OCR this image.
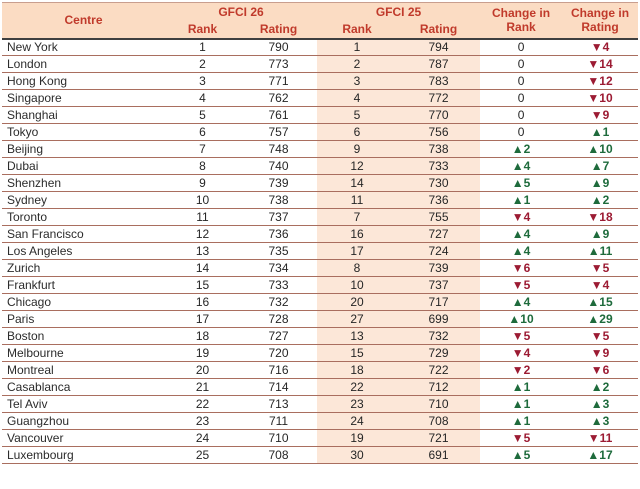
Centre	GFCI 26		GFCI 25		Change in Rank	Change in Rating
	Rank	Rating	Rank	Rating		
New York	1	790	1	794	0	▼4
London	2	773	2	787	0	▼14
Hong Kong	3	771	3	783	0	▼12
Singapore	4	762	4	772	0	▼10
Shanghai	5	761	5	770	0	▼9
Tokyo	6	757	6	756	0	▲1
Beijing	7	748	9	738	▲2	▲10
Dubai	8	740	12	733	▲4	▲7
Shenzhen	9	739	14	730	▲5	▲9
Sydney	10	738	11	736	▲1	▲2
Toronto	11	737	7	755	▼4	▼18
San Francisco	12	736	16	727	▲4	▲9
Los Angeles	13	735	17	724	▲4	▲11
Zurich	14	734	8	739	▼6	▼5
Frankfurt	15	733	10	737	▼5	▼4
Chicago	16	732	20	717	▲4	▲15
Paris	17	728	27	699	▲10	▲29
Boston	18	727	13	732	▼5	▼5
Melbourne	19	720	15	729	▼4	▼9
Montreal	20	716	18	722	▼2	▼6
Casablanca	21	714	22	712	▲1	▲2
Tel Aviv	22	713	23	710	▲1	▲3
Guangzhou	23	711	24	708	▲1	▲3
Vancouver	24	710	19	721	▼5	▼11
Luxembourg	25	708	30	691	▲5	▲17
